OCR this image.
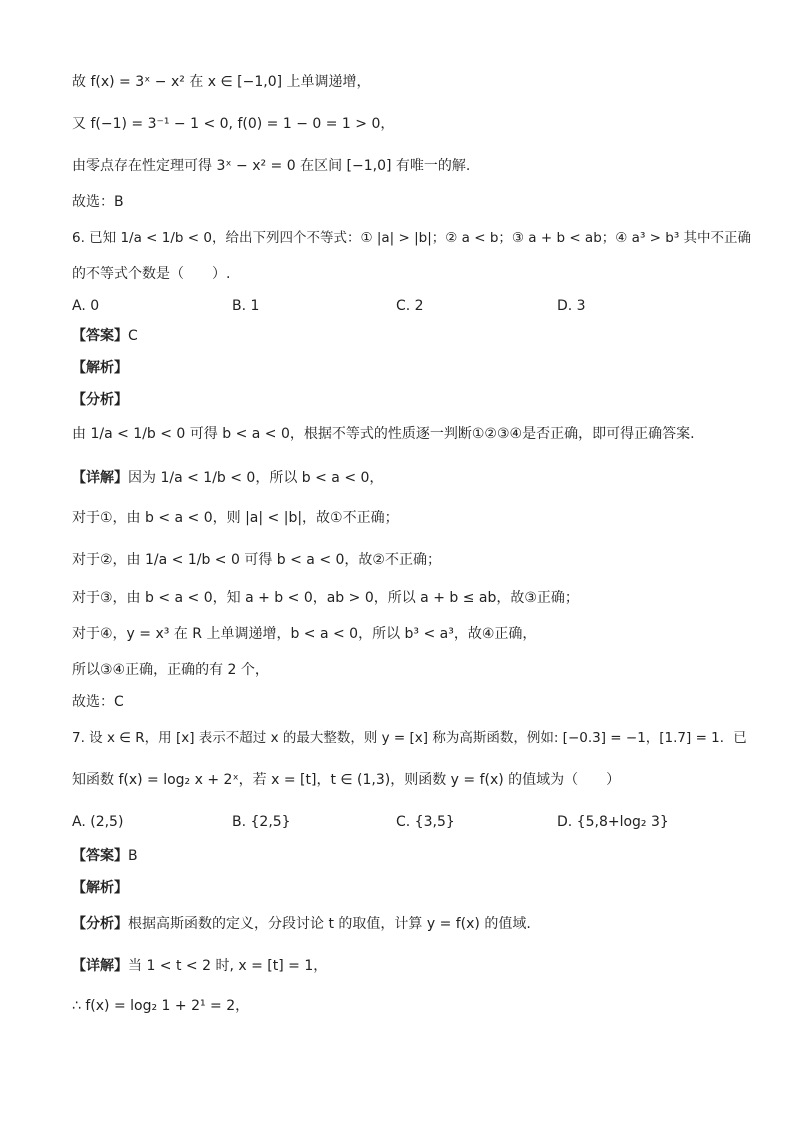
故 f(x) = 3ˣ − x² 在 x ∈ [−1,0] 上单调递增，
又 f(−1) = 3⁻¹ − 1 < 0, f(0) = 1 − 0 = 1 > 0，
由零点存在性定理可得 3ˣ − x² = 0 在区间 [−1,0] 有唯一的解.
故选：B
6. 已知 1/a < 1/b < 0，给出下列四个不等式：① |a| > |b|；② a < b；③ a + b < ab；④ a³ > b³ 其中不正确
的不等式个数是（　　）.
A. 0	B. 1	C. 2	D. 3
【答案】C
【解析】
【分析】
由 1/a < 1/b < 0 可得 b < a < 0，根据不等式的性质逐一判断①②③④是否正确，即可得正确答案.
【详解】因为 1/a < 1/b < 0，所以 b < a < 0，
对于①，由 b < a < 0，则 |a| < |b|，故①不正确；
对于②，由 1/a < 1/b < 0 可得 b < a < 0，故②不正确；
对于③，由 b < a < 0，知 a + b < 0，ab > 0，所以 a + b ≤ ab，故③正确；
对于④，y = x³ 在 R 上单调递增，b < a < 0，所以 b³ < a³，故④正确，
所以③④正确，正确的有 2 个，
故选：C
7. 设 x ∈ R，用 [x] 表示不超过 x 的最大整数，则 y = [x] 称为高斯函数，例如: [−0.3] = −1，[1.7] = 1．已
知函数 f(x) = log₂ x + 2ˣ，若 x = [t]，t ∈ (1,3)，则函数 y = f(x) 的值域为（　　）
A. (2,5)	B. {2,5}	C. {3,5}	D. {5,8+log₂ 3}
【答案】B
【解析】
【分析】根据高斯函数的定义，分段讨论 t 的取值，计算 y = f(x) 的值域.
【详解】当 1 < t < 2 时, x = [t] = 1，
∴ f(x) = log₂ 1 + 2¹ = 2，
